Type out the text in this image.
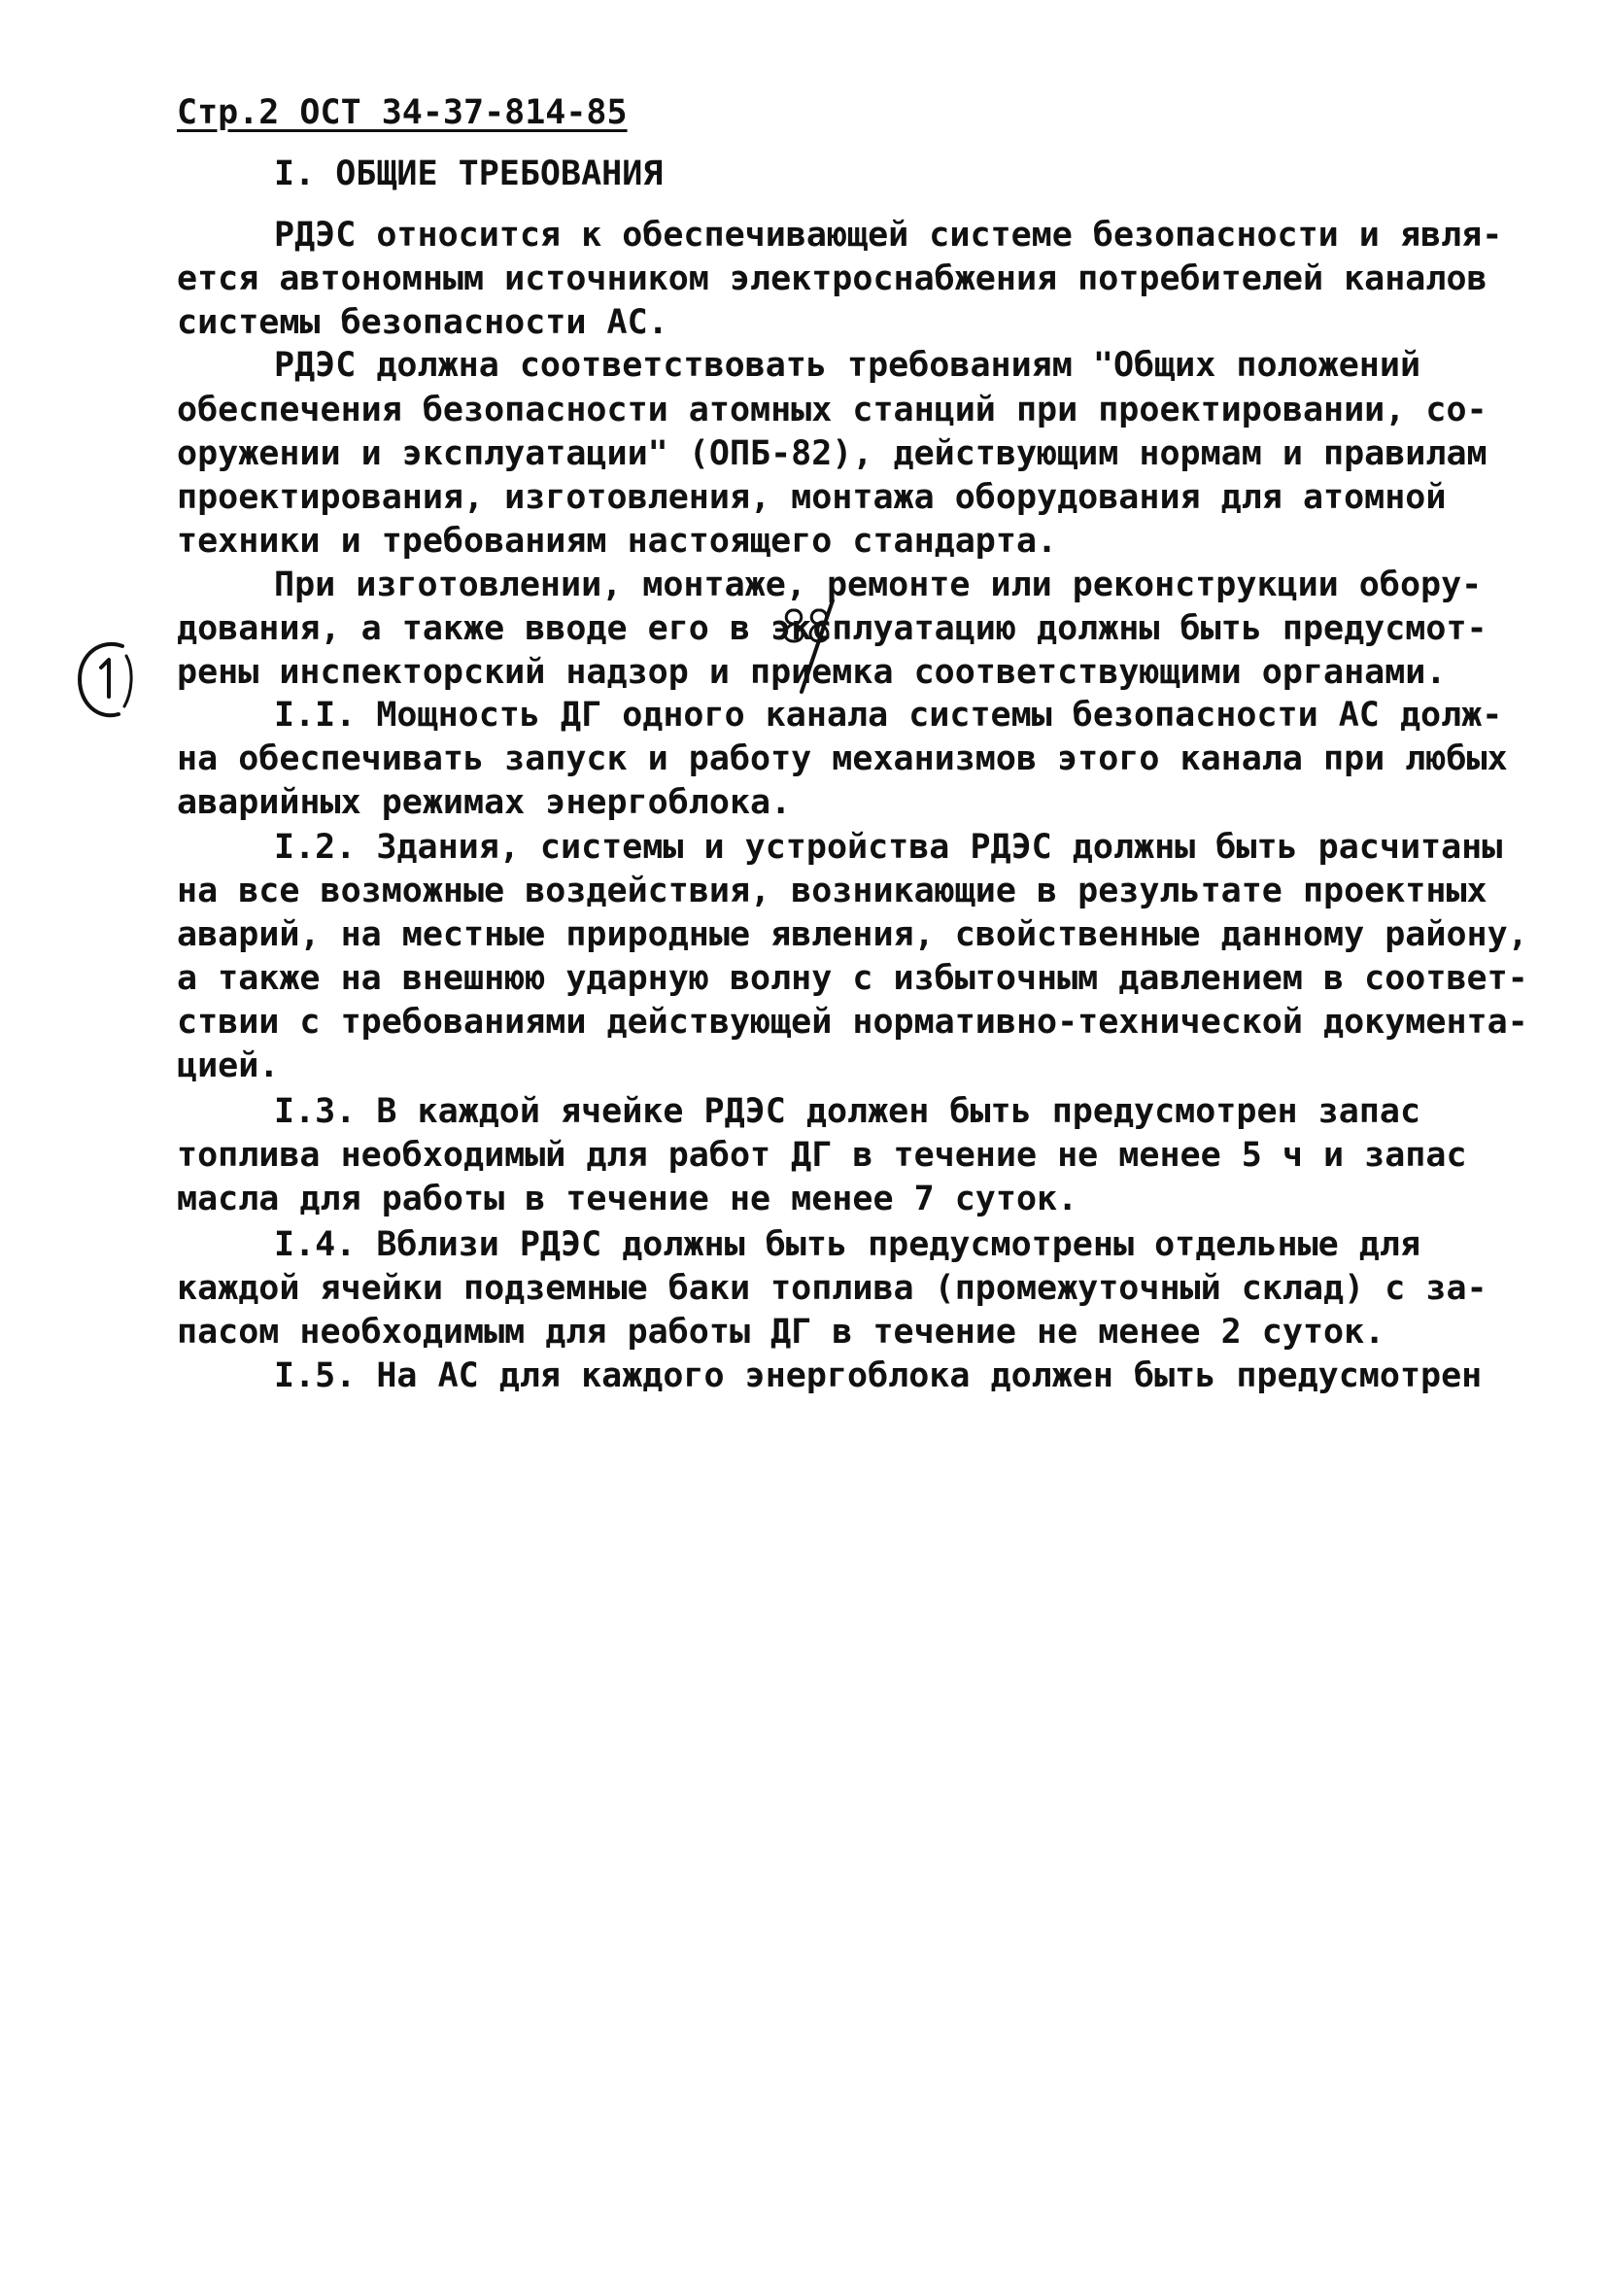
Стр.2 ОСТ 34-37-814-85
I. ОБЩИЕ ТРЕБОВАНИЯ
РДЭС относится к обеспечивающей системе безопасности и явля-
ется автономным источником электроснабжения потребителей каналов
системы безопасности АС.
РДЭС должна соответствовать требованиям "Общих положений
обеспечения безопасности атомных станций при проектировании, со-
оружении и эксплуатации" (ОПБ-82), действующим нормам и правилам
проектирования, изготовления, монтажа оборудования для атомной
техники и требованиям настоящего стандарта.
При изготовлении, монтаже, ремонте или реконструкции обору-
дования, а также вводе его в эксплуатацию должны быть предусмот-
рены инспекторский надзор и приемка соответствующими органами.
I.I. Мощность ДГ одного канала системы безопасности АС долж-
на обеспечивать запуск и работу механизмов этого канала при любых
аварийных режимах энергоблока.
I.2. Здания, системы и устройства РДЭС должны быть расчитаны
на все возможные воздействия, возникающие в результате проектных
аварий, на местные природные явления, свойственные данному району,
а также на внешнюю ударную волну с избыточным давлением в соответ-
ствии с требованиями действующей нормативно-технической документа-
цией.
I.3. В каждой ячейке РДЭС должен быть предусмотрен запас
топлива необходимый для работ ДГ в течение не менее 5 ч и запас
масла для работы в течение не менее 7 суток.
I.4. Вблизи РДЭС должны быть предусмотрены отдельные для
каждой ячейки подземные баки топлива (промежуточный склад) с за-
пасом необходимым для работы ДГ в течение не менее 2 суток.
I.5. На АС для каждого энергоблока должен быть предусмотрен
